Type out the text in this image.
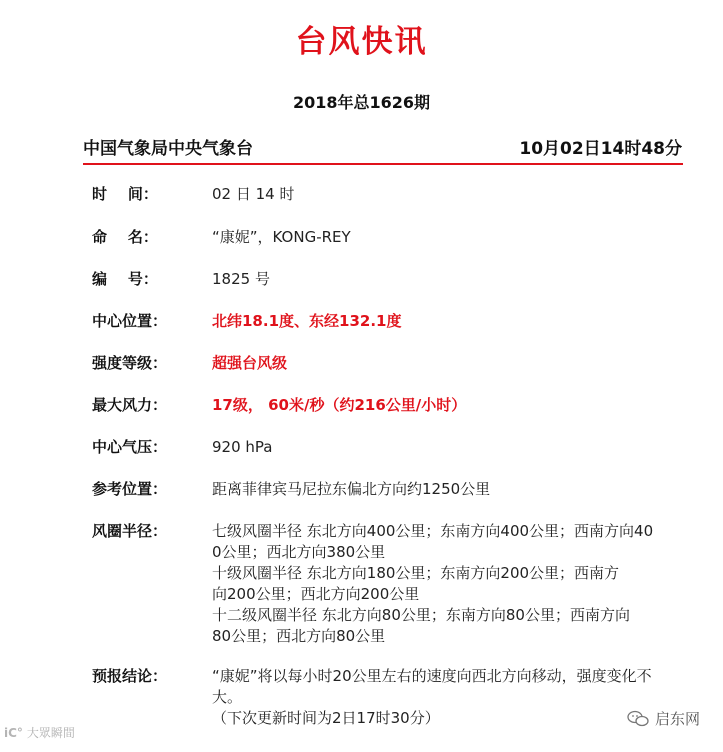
台风快讯
2018年总1626期
中国气象局中央气象台	10月02日14时48分
时    间：	02 日 14 时
命    名：	“康妮”，KONG-REY
编    号：	1825 号
中心位置：	北纬18.1度、东经132.1度
强度等级：	超强台风级
最大风力：	17级， 60米/秒（约216公里/小时）
中心气压：	920 hPa
参考位置：	距离菲律宾马尼拉东偏北方向约1250公里
风圈半径：	七级风圈半径 东北方向400公里；东南方向400公里；西南方向40
0公里；西北方向380公里
十级风圈半径 东北方向180公里；东南方向200公里；西南方
向200公里；西北方向200公里
十二级风圈半径 东北方向80公里；东南方向80公里；西南方向
80公里；西北方向80公里
预报结论：	“康妮”将以每小时20公里左右的速度向西北方向移动，强度变化不
大。
（下次更新时间为2日17时30分）
iC° 大眾瞬間
启东网
